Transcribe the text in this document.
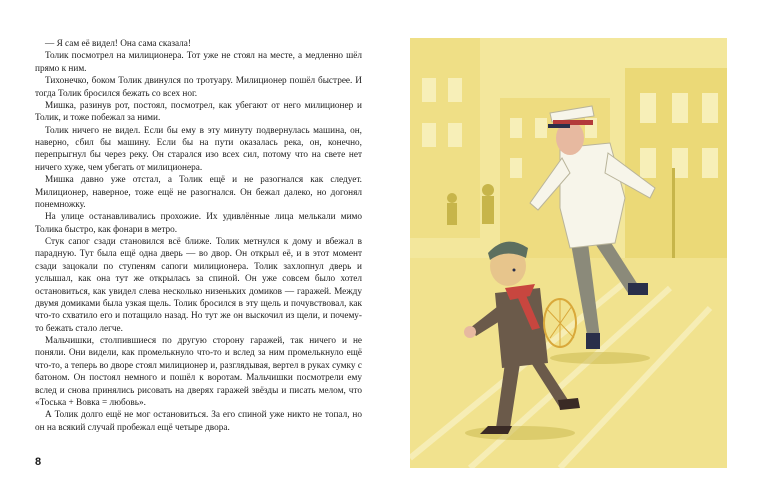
— Я сам её видел! Она сама сказала!

Толик посмотрел на милиционера. Тот уже не стоял на месте, а медленно шёл прямо к ним.

Тихонечко, боком Толик двинулся по тротуару. Милиционер пошёл быстрее. И тогда Толик бросился бежать со всех ног.

Мишка, разинув рот, постоял, посмотрел, как убегают от него милиционер и Толик, и тоже побежал за ними.

Толик ничего не видел. Если бы ему в эту минуту подвернулась машина, он, наверно, сбил бы машину. Если бы на пути оказалась река, он, конечно, перепрыгнул бы через реку. Он старался изо всех сил, потому что на свете нет ничего хуже, чем убегать от милиционера.

Мишка давно уже отстал, а Толик ещё и не разогнался как следует. Милиционер, наверное, тоже ещё не разогнался. Он бежал далеко, но догонял понемножку.

На улице останавливались прохожие. Их удивлённые лица мелькали мимо Толика быстро, как фонари в метро.

Стук сапог сзади становился всё ближе. Толик метнулся к дому и вбежал в парадную. Тут была ещё одна дверь — во двор. Он открыл её, и в этот момент сзади зацокали по ступеням сапоги милиционера. Толик захлопнул дверь и услышал, как она тут же открылась за спиной. Он уже совсем было хотел остановиться, как увидел слева несколько низеньких домиков — гаражей. Между двумя домиками была узкая щель. Толик бросился в эту щель и почувствовал, как что-то схватило его и потащило назад. Но тут же он выскочил из щели, и почему-то бежать стало легче.

Мальчишки, столпившиеся по другую сторону гаражей, так ничего и не поняли. Они видели, как промелькнуло что-то и вслед за ним промелькнуло ещё что-то, а теперь во дворе стоял милиционер и, разглядывая, вертел в руках сумку с батоном. Он постоял немного и пошёл к воротам. Мальчишки посмотрели ему вслед и снова принялись рисовать на дверях гаражей звёзды и писать мелом, что «Тоська + Вовка = любовь».

А Толик долго ещё не мог остановиться. За его спиной уже никто не топал, но он на всякий случай пробежал ещё четыре двора.

8
